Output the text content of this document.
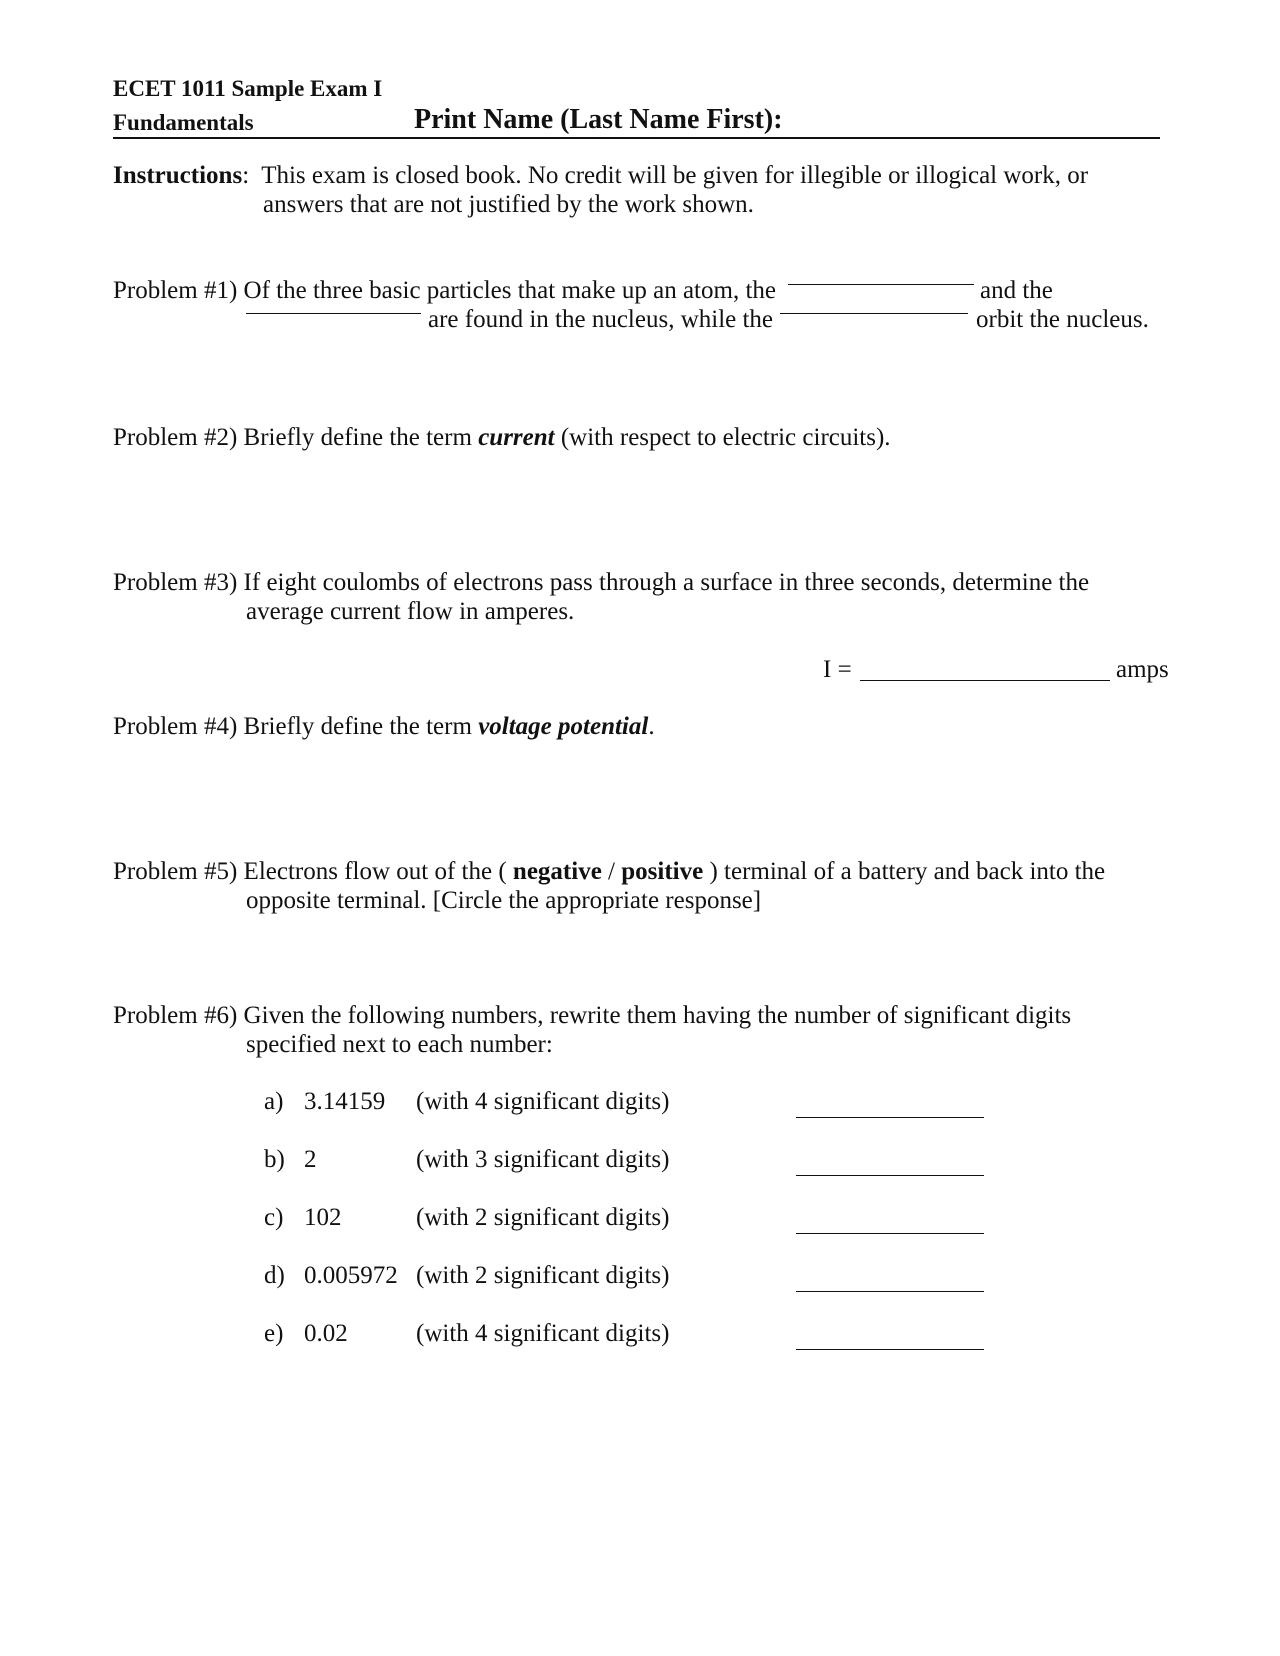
ECET 1011 Sample Exam I
Fundamentals	Print Name (Last Name First):
Instructions:  This exam is closed book. No credit will be given for illegible or illogical work, or
answers that are not justified by the work shown.
Problem #1) Of the three basic particles that make up an atom, the	and the
are found in the nucleus, while the	orbit the nucleus.
Problem #2) Briefly define the term current (with respect to electric circuits).
Problem #3) If eight coulombs of electrons pass through a surface in three seconds, determine the
average current flow in amperes.
I =	amps
Problem #4) Briefly define the term voltage potential.
Problem #5) Electrons flow out of the ( negative / positive ) terminal of a battery and back into the
opposite terminal. [Circle the appropriate response]
Problem #6) Given the following numbers, rewrite them having the number of significant digits
specified next to each number:
a) 3.14159 (with 4 significant digits)
b) 2	(with 3 significant digits)
c) 102	(with 2 significant digits)
d) 0.005972 (with 2 significant digits)
e) 0.02	(with 4 significant digits)
